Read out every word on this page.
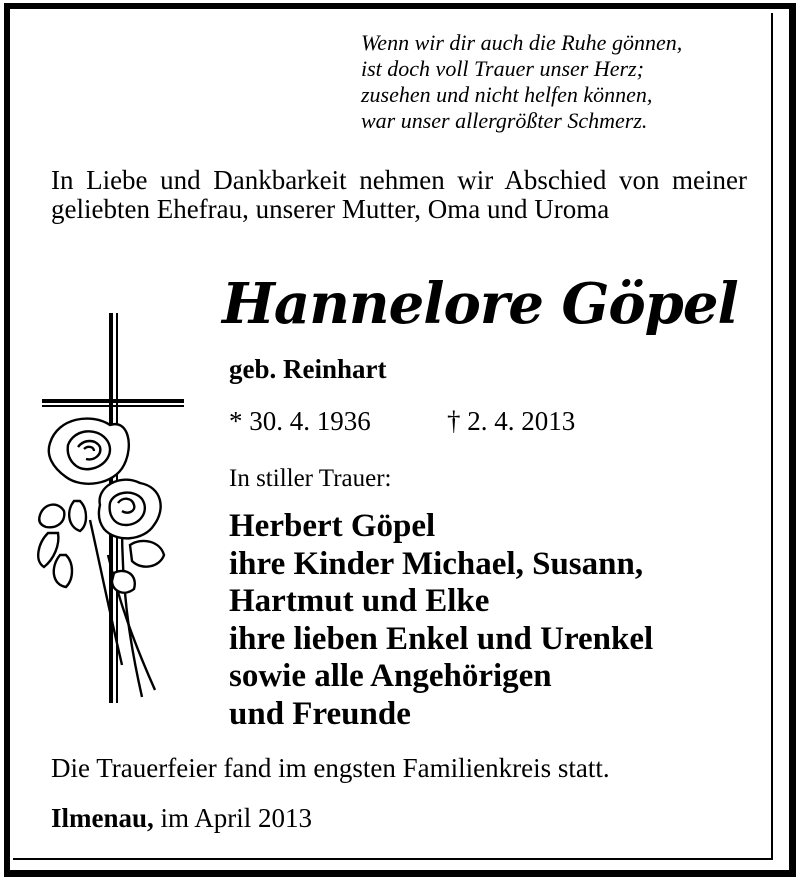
Wenn wir dir auch die Ruhe gönnen,
ist doch voll Trauer unser Herz;
zusehen und nicht helfen können,
war unser allergrößter Schmerz.
In Liebe und Dankbarkeit nehmen wir Abschied von meiner geliebten Ehefrau, unserer Mutter, Oma und Uroma
Hannelore Göpel
geb. Reinhart
* 30. 4. 1936	† 2. 4. 2013
In stiller Trauer:
Herbert Göpel
ihre Kinder Michael, Susann,
Hartmut und Elke
ihre lieben Enkel und Urenkel
sowie alle Angehörigen
und Freunde
Die Trauerfeier fand im engsten Familienkreis statt.
Ilmenau, im April 2013
